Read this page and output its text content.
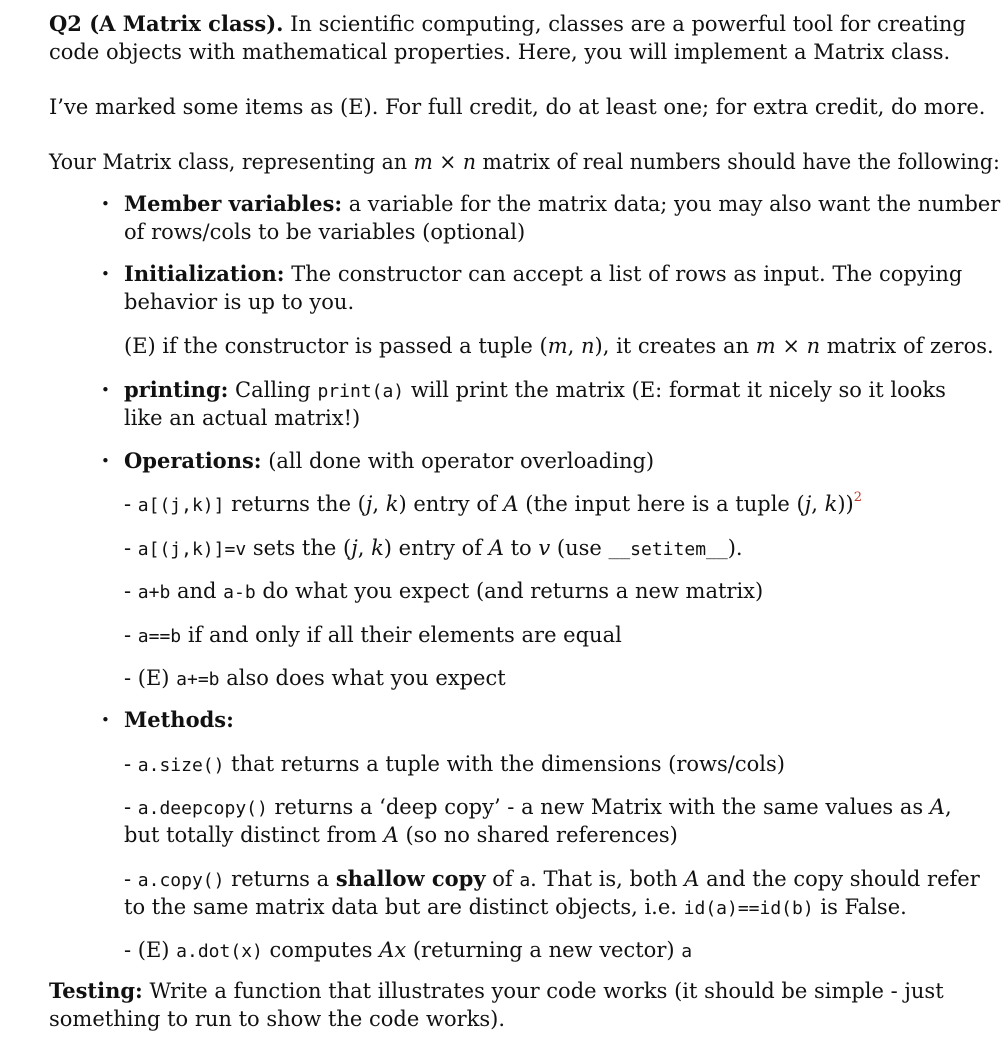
Q2 (A Matrix class). In scientific computing, classes are a powerful tool for creating
code objects with mathematical properties. Here, you will implement a Matrix class.
I’ve marked some items as (E). For full credit, do at least one; for extra credit, do more.
Your Matrix class, representing an m × n matrix of real numbers should have the following:
• Member variables: a variable for the matrix data; you may also want the number
of rows/cols to be variables (optional)
• Initialization: The constructor can accept a list of rows as input. The copying
behavior is up to you.
(E) if the constructor is passed a tuple (m, n), it creates an m × n matrix of zeros.
• printing: Calling print(a) will print the matrix (E: format it nicely so it looks
like an actual matrix!)
• Operations: (all done with operator overloading)
- a[(j,k)] returns the (j, k) entry of A (the input here is a tuple (j, k))$^2$
- a[(j,k)]=v sets the (j, k) entry of A to v (use __setitem__).
- a+b and a-b do what you expect (and returns a new matrix)
- a==b if and only if all their elements are equal
- (E) a+=b also does what you expect
• Methods:
- a.size() that returns a tuple with the dimensions (rows/cols)
- a.deepcopy() returns a ‘deep copy’ - a new Matrix with the same values as A,
but totally distinct from A (so no shared references)
- a.copy() returns a shallow copy of a. That is, both A and the copy should refer
to the same matrix data but are distinct objects, i.e. id(a)==id(b) is False.
- (E) a.dot(x) computes Ax (returning a new vector) a
Testing: Write a function that illustrates your code works (it should be simple - just
something to run to show the code works).
